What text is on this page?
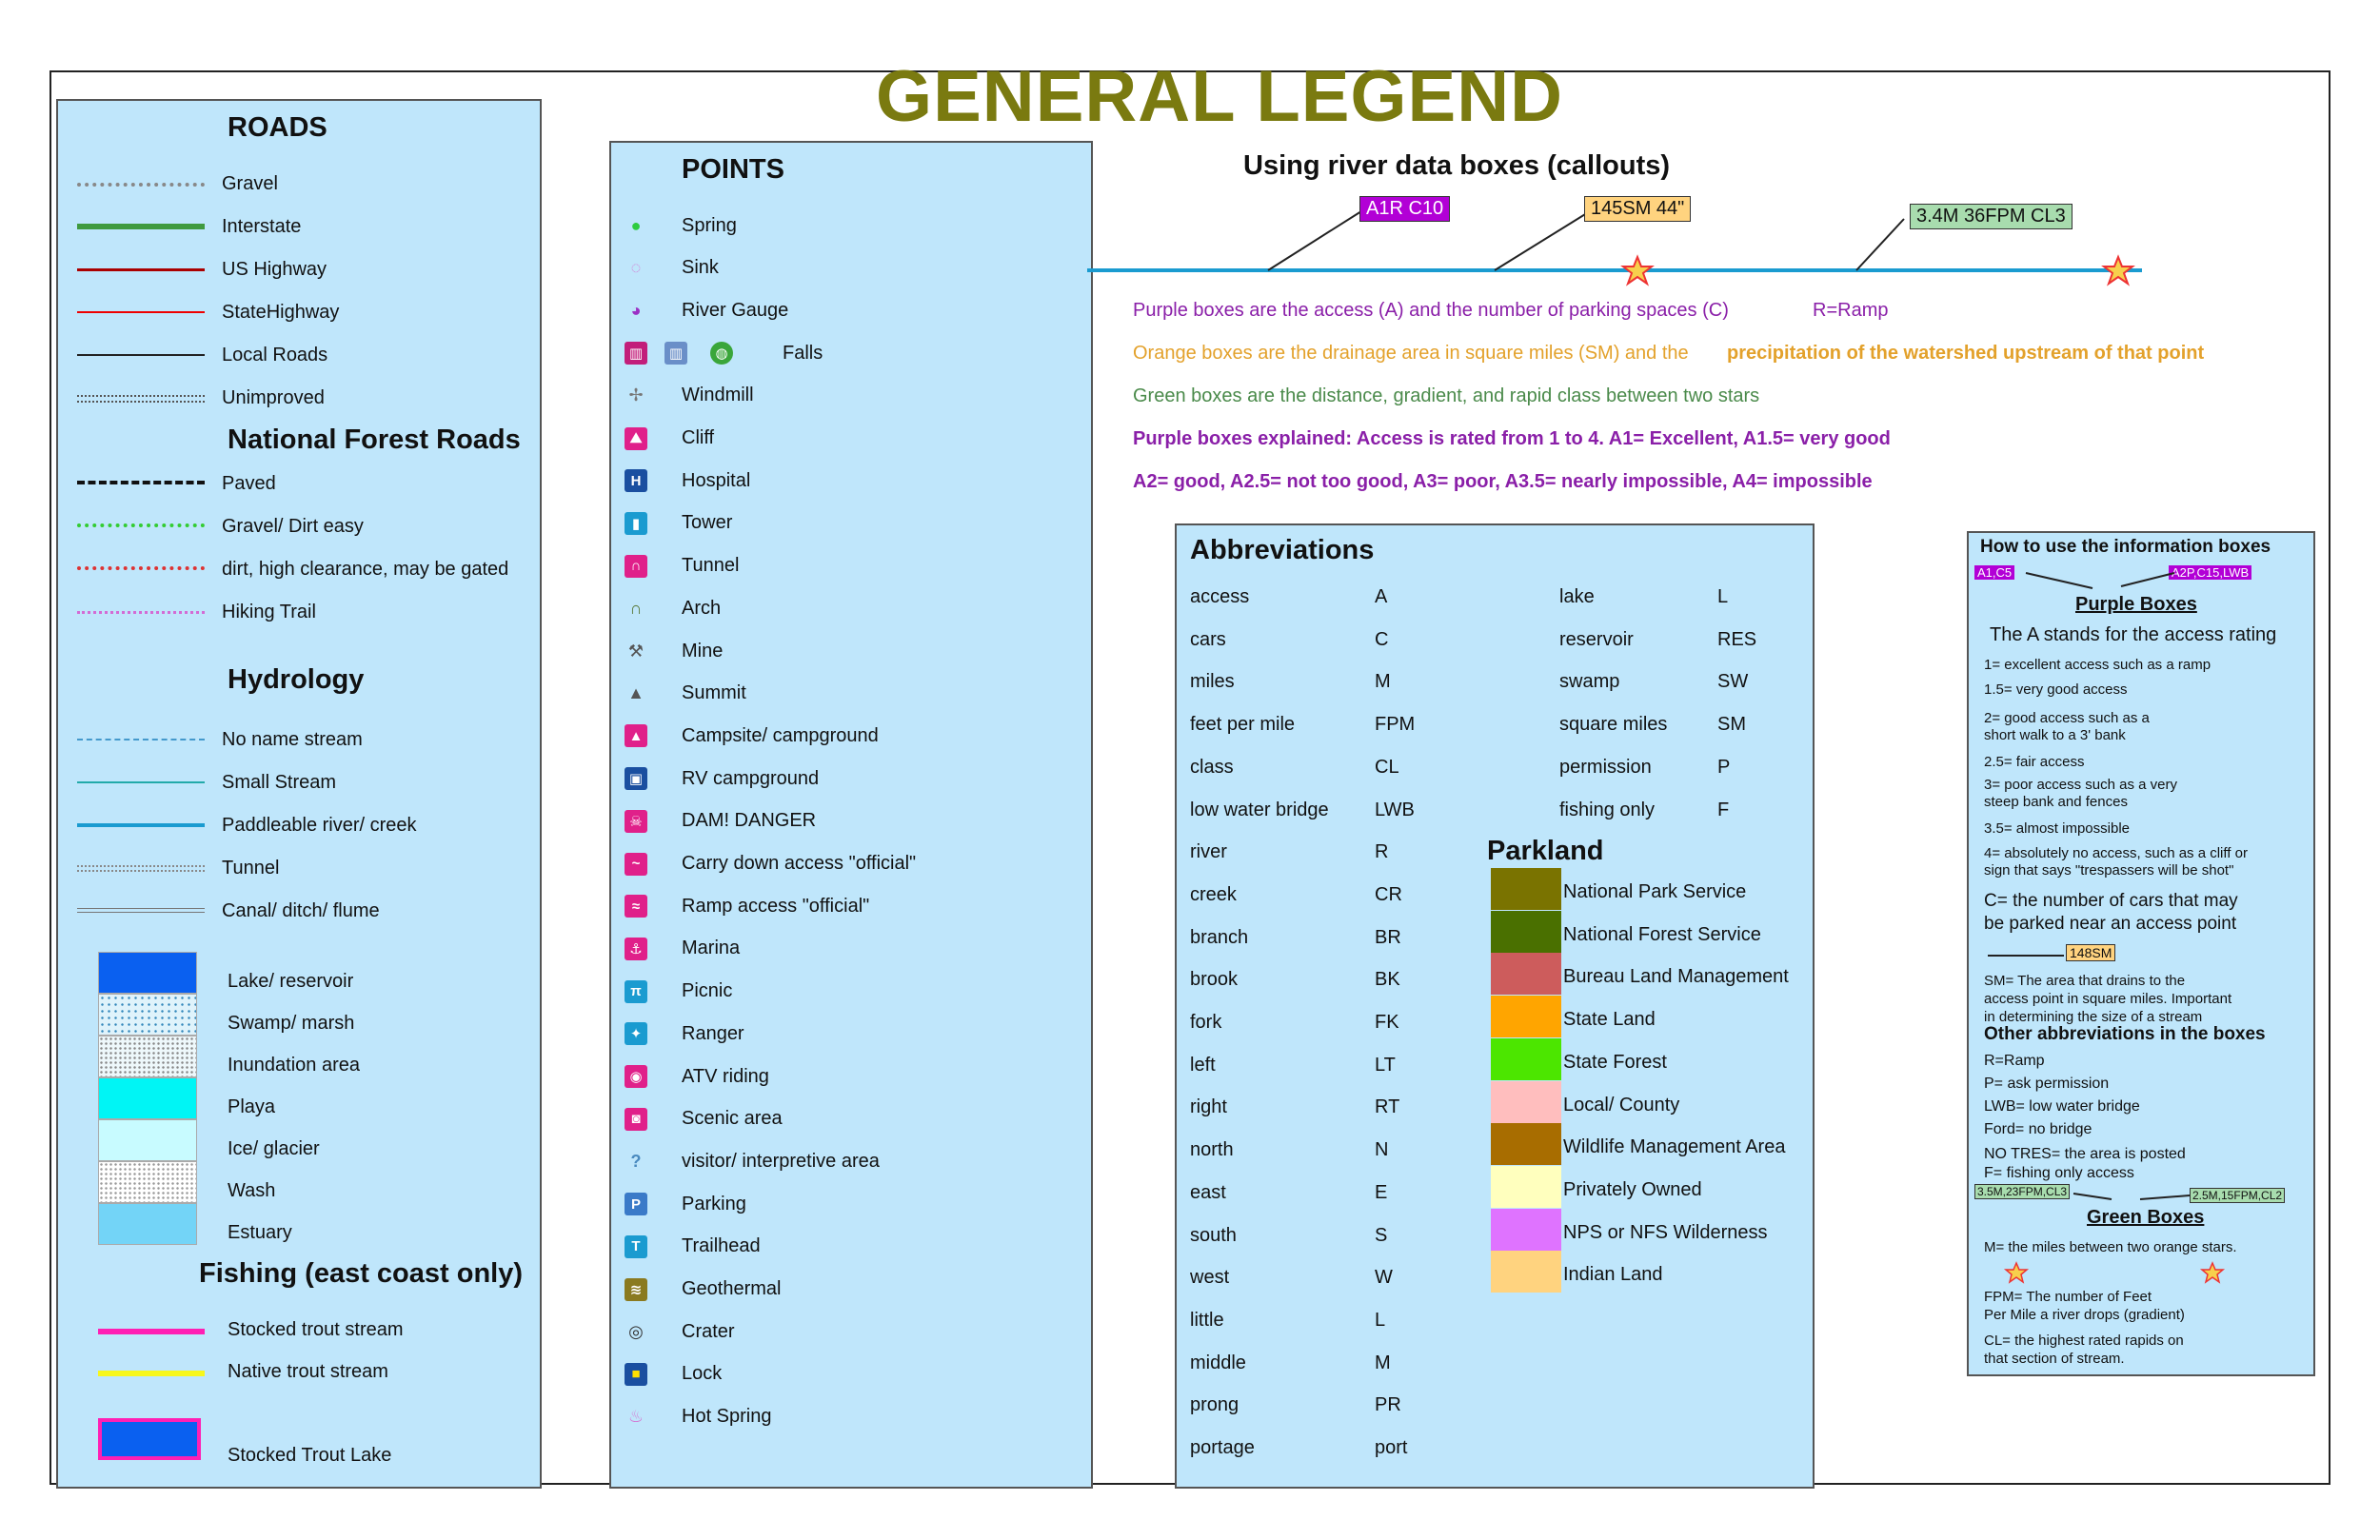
GENERAL LEGEND
ROADS
Gravel
Interstate
US Highway
StateHighway
Local Roads
Unimproved
National Forest Roads
Paved
Gravel/ Dirt easy
dirt, high clearance, may be gated
Hiking Trail
Hydrology
No name stream
Small Stream
Paddleable river/ creek
Tunnel
Canal/ ditch/ flume
Lake/ reservoir
Swamp/ marsh
Inundation area
Playa
Ice/ glacier
Wash
Estuary
Fishing (east coast only)
Stocked trout stream
Native trout stream
Stocked Trout Lake
POINTS
●	Spring
◌	Sink
◕	River Gauge
▥	▥	◍	Falls
✢ Windmill
⛰ Cliff
H	Hospital
▮	Tower
∩	Tunnel
∩ Arch
⚒ Mine
▲ Summit
▲ Campsite/ campground
▣ RV campground
☠ DAM! DANGER
~	Carry down access "official"
≈	Ramp access "official"
⚓ Marina
π	Picnic
✦ Ranger
◉ ATV riding
◙	Scenic area
?	visitor/ interpretive area
P	Parking
T	Trailhead
≋ Geothermal
◎ Crater
■	Lock
♨ Hot Spring
Using river data boxes (callouts)
A1R C10	145SM 44"	3.4M 36FPM CL3
Purple boxes are the access (A) and the number of parking spaces (C)	R=Ramp
Orange boxes are the drainage area in square miles (SM) and the precipitation of the watershed upstream of that point
Green boxes are the distance, gradient, and rapid class between two stars
Purple boxes explained: Access is rated from 1 to 4. A1= Excellent, A1.5= very good
A2= good, A2.5= not too good, A3= poor, A3.5= nearly impossible, A4= impossible
Abbreviations
access	A
cars	C
miles	M
feet per mile	FPM
class	CL
low water bridge LWB
river	R
creek	CR
branch	BR
brook	BK
fork	FK
left	LT
right	RT
north	N
east	E
south	S
west	W
little	L
middle	M
prong	PR
portage	port
lake	L
reservoir	RES
swamp	SW
square miles	SM
permission	P
fishing only	F
Parkland
National Park Service
National Forest Service
Bureau Land Management
State Land
State Forest
Local/ County
Wildlife Management Area
Privately Owned
NPS or NFS Wilderness
Indian Land
How to use the information boxes
A1,C5	A2P,C15,LWB
Purple Boxes
The A stands for the access rating
1= excellent access such as a ramp
1.5= very good access
2= good access such as a
short walk to a 3' bank
2.5= fair access
3= poor access such as a very
steep bank and fences
3.5= almost impossible
4= absolutely no access, such as a cliff or
sign that says "trespassers will be shot"
C= the number of cars that may
be parked near an access point
148SM
SM= The area that drains to the
access point in square miles. Important
in determining the size of a stream
Other abbreviations in the boxes
R=Ramp
P= ask permission
LWB= low water bridge
Ford= no bridge
NO TRES= the area is posted
F= fishing only access
3.5M,23FPM,CL3	2.5M,15FPM,CL2
Green Boxes
M= the miles between two orange stars.
FPM= The number of Feet
Per Mile a river drops (gradient)
CL= the highest rated rapids on
that section of stream.
